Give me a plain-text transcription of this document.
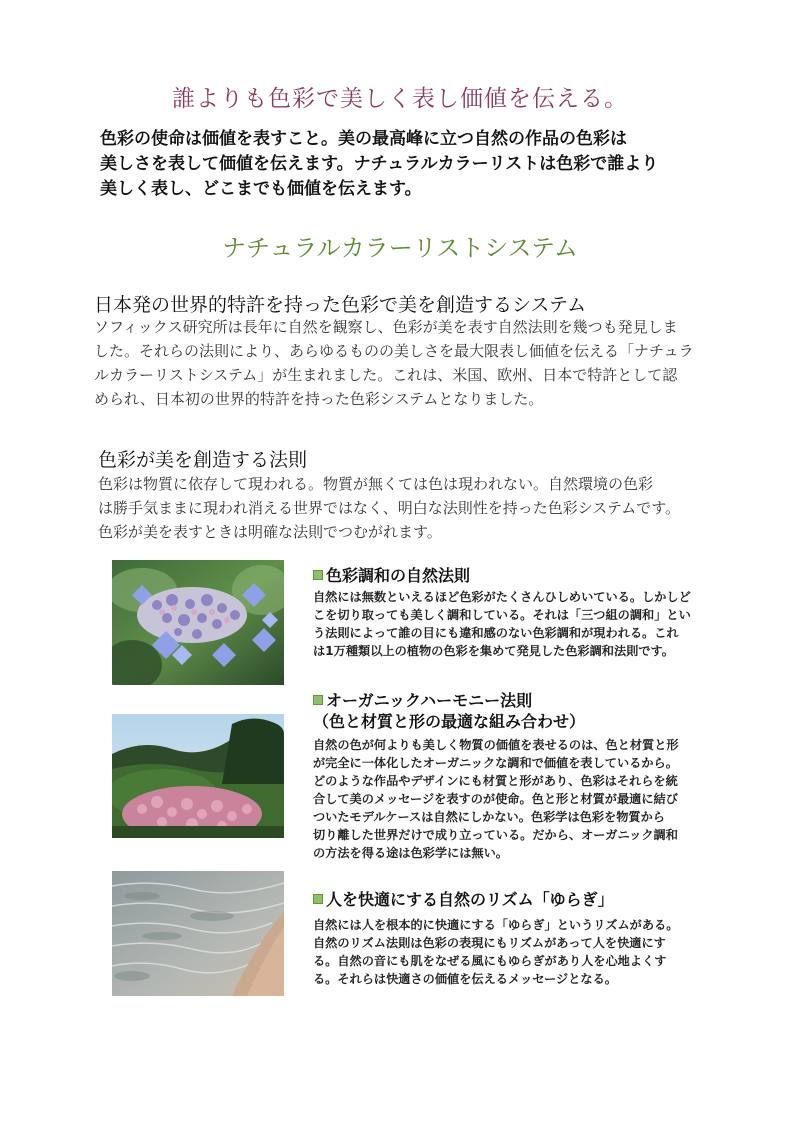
誰よりも色彩で美しく表し価値を伝える。
色彩の使命は価値を表すこと。美の最高峰に立つ自然の作品の色彩は
美しさを表して価値を伝えます。ナチュラルカラーリストは色彩で誰より
美しく表し、どこまでも価値を伝えます。
ナチュラルカラーリストシステム
日本発の世界的特許を持った色彩で美を創造するシステム
ソフィックス研究所は長年に自然を観察し、色彩が美を表す自然法則を幾つも発見しま
した。それらの法則により、あらゆるものの美しさを最大限表し価値を伝える「ナチュラ
ルカラーリストシステム」が生まれました。これは、米国、欧州、日本で特許として認
められ、日本初の世界的特許を持った色彩システムとなりました。
色彩が美を創造する法則
色彩は物質に依存して現われる。物質が無くては色は現われない。自然環境の色彩
は勝手気ままに現われ消える世界ではなく、明白な法則性を持った色彩システムです。
色彩が美を表すときは明確な法則でつむがれます。
色彩調和の自然法則
自然には無数といえるほど色彩がたくさんひしめいている。しかしど
こを切り取っても美しく調和している。それは「三つ組の調和」とい
う法則によって誰の目にも違和感のない色彩調和が現われる。これ
は1万種類以上の植物の色彩を集めて発見した色彩調和法則です。
オーガニックハーモニー法則
（色と材質と形の最適な組み合わせ）
自然の色が何よりも美しく物質の価値を表せるのは、色と材質と形
が完全に一体化したオーガニックな調和で価値を表しているから。
どのような作品やデザインにも材質と形があり、色彩はそれらを統
合して美のメッセージを表すのが使命。色と形と材質が最適に結び
ついたモデルケースは自然にしかない。色彩学は色彩を物質から
切り離した世界だけで成り立っている。だから、オーガニック調和
の方法を得る途は色彩学には無い。
人を快適にする自然のリズム「ゆらぎ」
自然には人を根本的に快適にする「ゆらぎ」というリズムがある。
自然のリズム法則は色彩の表現にもリズムがあって人を快適にす
る。自然の音にも肌をなぜる風にもゆらぎがあり人を心地よくす
る。それらは快適さの価値を伝えるメッセージとなる。
